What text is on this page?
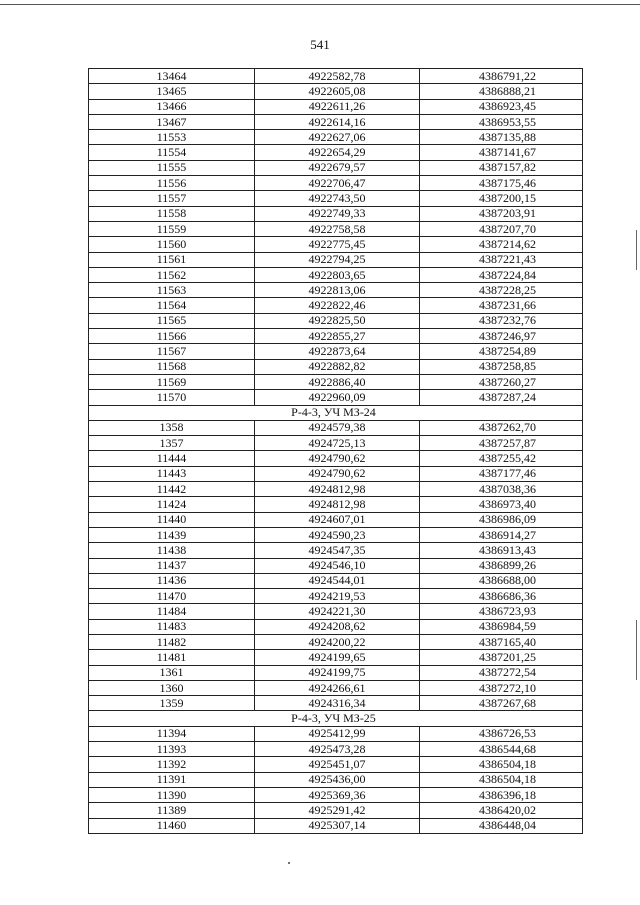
541
13464	4922582,78	4386791,22
13465	4922605,08	4386888,21
13466	4922611,26	4386923,45
13467	4922614,16	4386953,55
11553	4922627,06	4387135,88
11554	4922654,29	4387141,67
11555	4922679,57	4387157,82
11556	4922706,47	4387175,46
11557	4922743,50	4387200,15
11558	4922749,33	4387203,91
11559	4922758,58	4387207,70
11560	4922775,45	4387214,62
11561	4922794,25	4387221,43
11562	4922803,65	4387224,84
11563	4922813,06	4387228,25
11564	4922822,46	4387231,66
11565	4922825,50	4387232,76
11566	4922855,27	4387246,97
11567	4922873,64	4387254,89
11568	4922882,82	4387258,85
11569	4922886,40	4387260,27
11570	4922960,09	4387287,24
Р-4-3, УЧ МЗ-24		
1358	4924579,38	4387262,70
1357	4924725,13	4387257,87
11444	4924790,62	4387255,42
11443	4924790,62	4387177,46
11442	4924812,98	4387038,36
11424	4924812,98	4386973,40
11440	4924607,01	4386986,09
11439	4924590,23	4386914,27
11438	4924547,35	4386913,43
11437	4924546,10	4386899,26
11436	4924544,01	4386688,00
11470	4924219,53	4386686,36
11484	4924221,30	4386723,93
11483	4924208,62	4386984,59
11482	4924200,22	4387165,40
11481	4924199,65	4387201,25
1361	4924199,75	4387272,54
1360	4924266,61	4387272,10
1359	4924316,34	4387267,68
Р-4-3, УЧ МЗ-25		
11394	4925412,99	4386726,53
11393	4925473,28	4386544,68
11392	4925451,07	4386504,18
11391	4925436,00	4386504,18
11390	4925369,36	4386396,18
11389	4925291,42	4386420,02
11460	4925307,14	4386448,04
